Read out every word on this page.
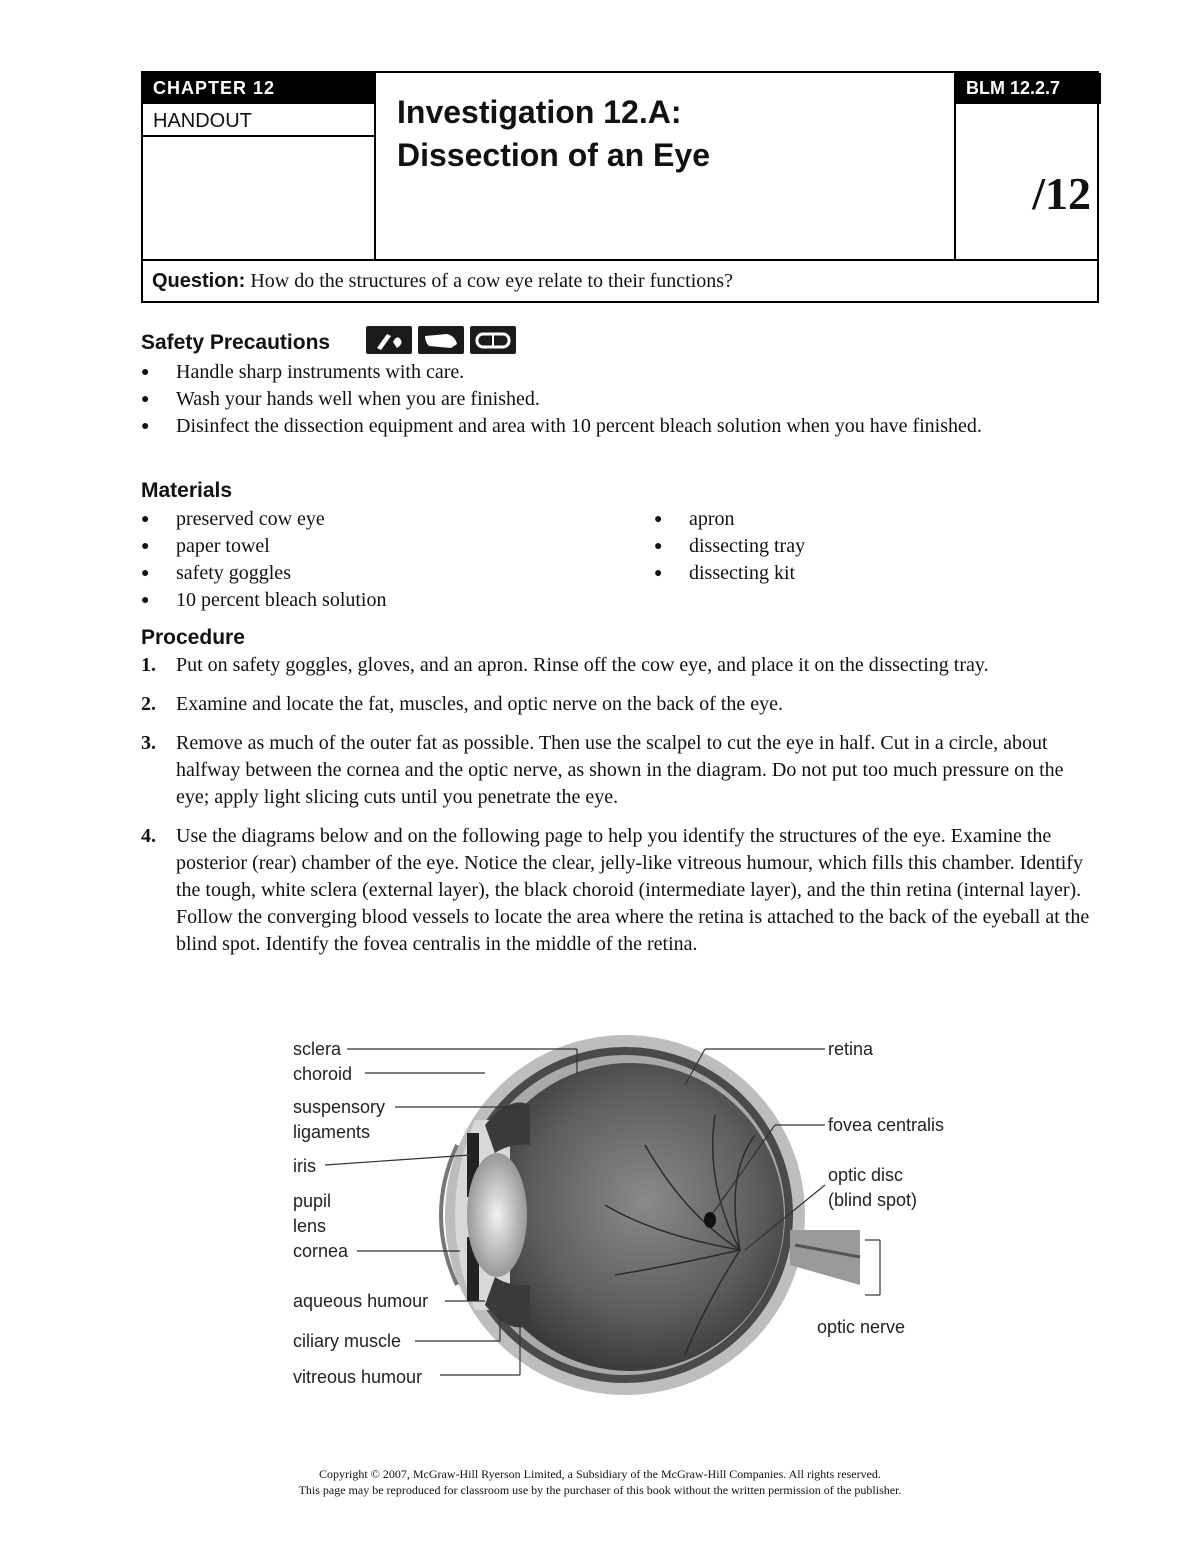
CHAPTER 12
HANDOUT	Investigation 12.A:
Dissection of an Eye
BLM 12.2.7
/12
Question: How do the structures of a cow eye relate to their functions?
Safety Precautions
● Handle sharp instruments with care.
● Wash your hands well when you are finished.
● Disinfect the dissection equipment and area with 10 percent bleach solution when you have finished.
Materials
● preserved cow eye
● paper towel
● safety goggles
● 10 percent bleach solution
● apron
● dissecting tray
● dissecting kit
Procedure
1. Put on safety goggles, gloves, and an apron. Rinse off the cow eye, and place it on the dissecting tray.
2. Examine and locate the fat, muscles, and optic nerve on the back of the eye.
3. Remove as much of the outer fat as possible. Then use the scalpel to cut the eye in half. Cut in a circle, about halfway between the cornea and the optic nerve, as shown in the diagram. Do not put too much pressure on the eye; apply light slicing cuts until you penetrate the eye.
4. Use the diagrams below and on the following page to help you identify the structures of the eye. Examine the posterior (rear) chamber of the eye. Notice the clear, jelly-like vitreous humour, which fills this chamber. Identify the tough, white sclera (external layer), the black choroid (intermediate layer), and the thin retina (internal layer). Follow the converging blood vessels to locate the area where the retina is attached to the back of the eyeball at the blind spot. Identify the fovea centralis in the middle of the retina.
sclera
choroid
suspensory
ligaments
iris
pupil
lens
cornea
aqueous humour
ciliary muscle
vitreous humour
retina
fovea centralis
optic disc
(blind spot)
optic nerve
Copyright © 2007, McGraw-Hill Ryerson Limited, a Subsidiary of the McGraw-Hill Companies. All rights reserved.
This page may be reproduced for classroom use by the purchaser of this book without the written permission of the publisher.
